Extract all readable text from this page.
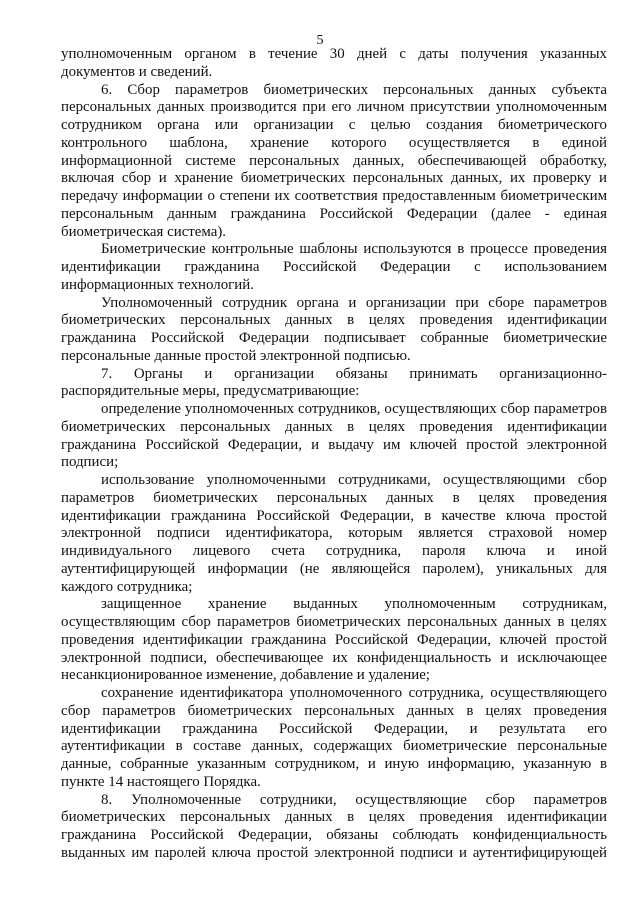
5

уполномоченным органом в течение 30 дней с даты получения указанных документов и сведений.

6. Сбор параметров биометрических персональных данных субъекта персональных данных производится при его личном присутствии уполномоченным сотрудником органа или организации с целью создания биометрического контрольного шаблона, хранение которого осуществляется в единой информационной системе персональных данных, обеспечивающей обработку, включая сбор и хранение биометрических персональных данных, их проверку и передачу информации о степени их соответствия предоставленным биометрическим персональным данным гражданина Российской Федерации (далее - единая биометрическая система).

Биометрические контрольные шаблоны используются в процессе проведения идентификации гражданина Российской Федерации с использованием информационных технологий.

Уполномоченный сотрудник органа и организации при сборе параметров биометрических персональных данных в целях проведения идентификации гражданина Российской Федерации подписывает собранные биометрические персональные данные простой электронной подписью.

7. Органы и организации обязаны принимать организационно-распорядительные меры, предусматривающие:

определение уполномоченных сотрудников, осуществляющих сбор параметров биометрических персональных данных в целях проведения идентификации гражданина Российской Федерации, и выдачу им ключей простой электронной подписи;

использование уполномоченными сотрудниками, осуществляющими сбор параметров биометрических персональных данных в целях проведения идентификации гражданина Российской Федерации, в качестве ключа простой электронной подписи идентификатора, которым является страховой номер индивидуального лицевого счета сотрудника, пароля ключа и иной аутентифицирующей информации (не являющейся паролем), уникальных для каждого сотрудника;

защищенное хранение выданных уполномоченным сотрудникам, осуществляющим сбор параметров биометрических персональных данных в целях проведения идентификации гражданина Российской Федерации, ключей простой электронной подписи, обеспечивающее их конфиденциальность и исключающее несанкционированное изменение, добавление и удаление;

сохранение идентификатора уполномоченного сотрудника, осуществляющего сбор параметров биометрических персональных данных в целях проведения идентификации гражданина Российской Федерации, и результата его аутентификации в составе данных, содержащих биометрические персональные данные, собранные указанным сотрудником, и иную информацию, указанную в пункте 14 настоящего Порядка.

8. Уполномоченные сотрудники, осуществляющие сбор параметров биометрических персональных данных в целях проведения идентификации гражданина Российской Федерации, обязаны соблюдать конфиденциальность выданных им паролей ключа простой электронной подписи и аутентифицирующей
